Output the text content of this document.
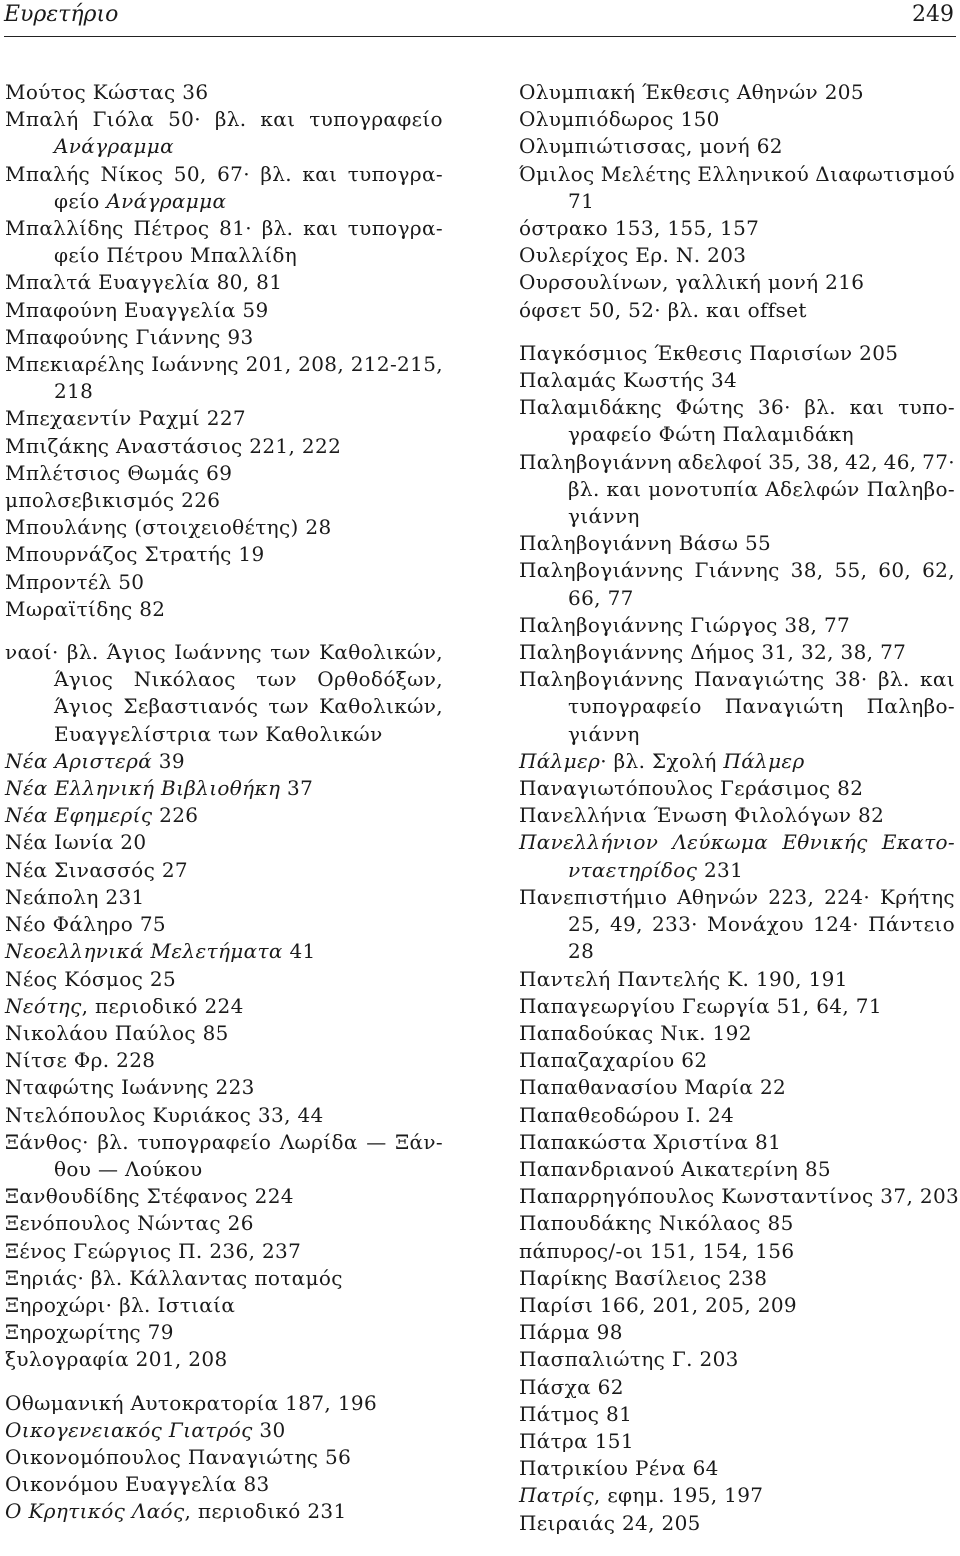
Ευρετήριο	249
Μούτος Κώστας 36
Μπαλή Γιόλα 50· βλ. και τυπογραφείο
Ανάγραμμα
Μπαλής Νίκος 50, 67· βλ. και τυπογρα-
φείο Ανάγραμμα
Μπαλλίδης Πέτρος 81· βλ. και τυπογρα-
φείο Πέτρου Μπαλλίδη
Μπαλτά Ευαγγελία 80, 81
Μπαφούνη Ευαγγελία 59
Μπαφούνης Γιάννης 93
Μπεκιαρέλης Ιωάννης 201, 208, 212-215,
218
Μπεχαεντίν Ραχμί 227
Μπιζάκης Αναστάσιος 221, 222
Μπλέτσιος Θωμάς 69
μπολσεβικισμός 226
Μπουλάνης (στοιχειοθέτης) 28
Μπουρνάζος Στρατής 19
Μπροντέλ 50
Μωραϊτίδης 82
ναοί· βλ. Άγιος Ιωάννης των Καθολικών,
Άγιος Νικόλαος των Ορθοδόξων,
Άγιος Σεβαστιανός των Καθολικών,
Ευαγγελίστρια των Καθολικών
Νέα Αριστερά 39
Νέα Ελληνική Βιβλιοθήκη 37
Νέα Εφημερίς 226
Νέα Ιωνία 20
Νέα Σινασσός 27
Νεάπολη 231
Νέο Φάληρο 75
Νεοελληνικά Μελετήματα 41
Νέος Κόσμος 25
Νεότης, περιοδικό 224
Νικολάου Παύλος 85
Νίτσε Φρ. 228
Νταφώτης Ιωάννης 223
Ντελόπουλος Κυριάκος 33, 44
Ξάνθος· βλ. τυπογραφείο Λωρίδα — Ξάν-
θου — Λούκου
Ξανθουδίδης Στέφανος 224
Ξενόπουλος Νώντας 26
Ξένος Γεώργιος Π. 236, 237
Ξηριάς· βλ. Κάλλαντας ποταμός
Ξηροχώρι· βλ. Ιστιαία
Ξηροχωρίτης 79
ξυλογραφία 201, 208
Οθωμανική Αυτοκρατορία 187, 196
Οικογενειακός Γιατρός 30
Οικονομόπουλος Παναγιώτης 56
Οικονόμου Ευαγγελία 83
Ο Κρητικός Λαός, περιοδικό 231
Ολυμπιακή Έκθεσις Αθηνών 205
Ολυμπιόδωρος 150
Ολυμπιώτισσας, μονή 62
Όμιλος Μελέτης Ελληνικού Διαφωτισμού
71
όστρακο 153, 155, 157
Ουλερίχος Ερ. Ν. 203
Ουρσουλίνων, γαλλική μονή 216
όφσετ 50, 52· βλ. και offset
Παγκόσμιος Έκθεσις Παρισίων 205
Παλαμάς Κωστής 34
Παλαμιδάκης Φώτης 36· βλ. και τυπο-
γραφείο Φώτη Παλαμιδάκη
Παληβογιάννη αδελφοί 35, 38, 42, 46, 77·
βλ. και μονοτυπία Αδελφών Παληβο-
γιάννη
Παληβογιάννη Βάσω 55
Παληβογιάννης Γιάννης 38, 55, 60, 62,
66, 77
Παληβογιάννης Γιώργος 38, 77
Παληβογιάννης Δήμος 31, 32, 38, 77
Παληβογιάννης Παναγιώτης 38· βλ. και
τυπογραφείο Παναγιώτη Παληβο-
γιάννη
Πάλμερ· βλ. Σχολή Πάλμερ
Παναγιωτόπουλος Γεράσιμος 82
Πανελλήνια Ένωση Φιλολόγων 82
Πανελλήνιον Λεύκωμα Εθνικής Εκατο-
νταετηρίδος 231
Πανεπιστήμιο Αθηνών 223, 224· Κρήτης
25, 49, 233· Μονάχου 124· Πάντειο
28
Παντελή Παντελής Κ. 190, 191
Παπαγεωργίου Γεωργία 51, 64, 71
Παπαδούκας Νικ. 192
Παπαζαχαρίου 62
Παπαθανασίου Μαρία 22
Παπαθεοδώρου Ι. 24
Παπακώστα Χριστίνα 81
Παπανδριανού Αικατερίνη 85
Παπαρρηγόπουλος Κωνσταντίνος 37, 203
Παπουδάκης Νικόλαος 85
πάπυρος/-οι 151, 154, 156
Παρίκης Βασίλειος 238
Παρίσι 166, 201, 205, 209
Πάρμα 98
Πασπαλιώτης Γ. 203
Πάσχα 62
Πάτμος 81
Πάτρα 151
Πατρικίου Ρένα 64
Πατρίς, εφημ. 195, 197
Πειραιάς 24, 205
